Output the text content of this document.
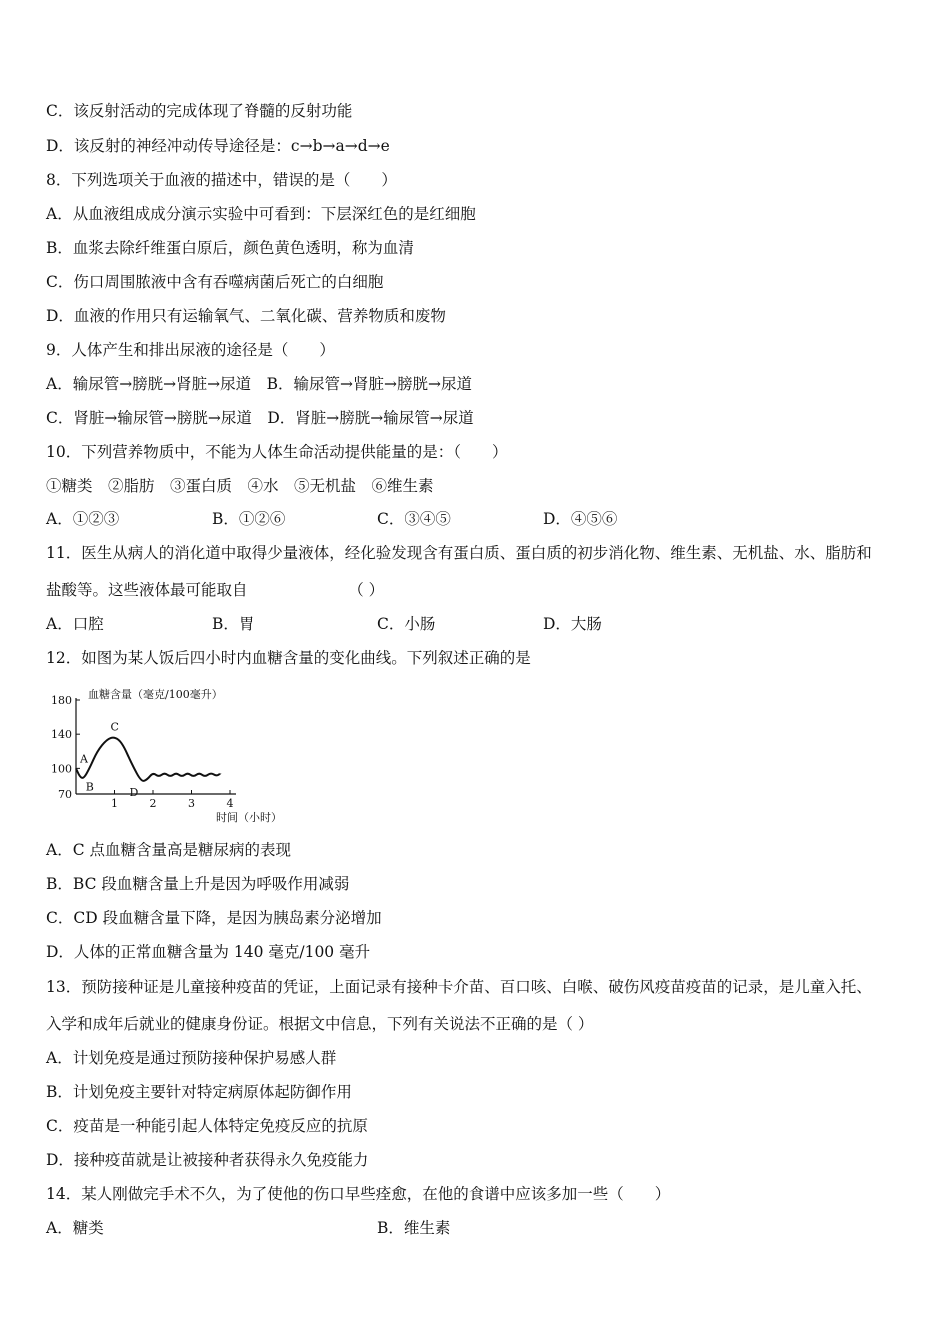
C．该反射活动的完成体现了脊髓的反射功能
D．该反射的神经冲动传导途径是：c→b→a→d→e
8．下列选项关于血液的描述中，错误的是（　　）
A．从血液组成成分演示实验中可看到：下层深红色的是红细胞
B．血浆去除纤维蛋白原后，颜色黄色透明，称为血清
C．伤口周围脓液中含有吞噬病菌后死亡的白细胞
D．血液的作用只有运输氧气、二氧化碳、营养物质和废物
9．人体产生和排出尿液的途径是（　　）
A．输尿管→膀胱→肾脏→尿道　B．输尿管→肾脏→膀胱→尿道
C．肾脏→输尿管→膀胱→尿道　D．肾脏→膀胱→输尿管→尿道
10．下列营养物质中，不能为人体生命活动提供能量的是：（　　）
①糖类　②脂肪　③蛋白质　④水　⑤无机盐　⑥维生素
A．①②③	B．①②⑥	C．③④⑤	D．④⑤⑥
11．医生从病人的消化道中取得少量液体，经化验发现含有蛋白质、蛋白质的初步消化物、维生素、无机盐、水、脂肪和
盐酸等。这些液体最可能取自　　　　　　　（ ）
A．口腔	B．胃	C．小肠	D．大肠
12．如图为某人饭后四小时内血糖含量的变化曲线。下列叙述正确的是
血糖含量（毫克/100毫升）
时间（小时）
70
100
140
180
1	2	3	4
A
B
C
D
A．C 点血糖含量高是糖尿病的表现
B．BC 段血糖含量上升是因为呼吸作用减弱
C．CD 段血糖含量下降，是因为胰岛素分泌增加
D．人体的正常血糖含量为 140 毫克/100 毫升
13．预防接种证是儿童接种疫苗的凭证，上面记录有接种卡介苗、百口咳、白喉、破伤风疫苗疫苗的记录，是儿童入托、
入学和成年后就业的健康身份证。根据文中信息，下列有关说法不正确的是（ ）
A．计划免疫是通过预防接种保护易感人群
B．计划免疫主要针对特定病原体起防御作用
C．疫苗是一种能引起人体特定免疫反应的抗原
D．接种疫苗就是让被接种者获得永久免疫能力
14．某人刚做完手术不久，为了使他的伤口早些痊愈，在他的食谱中应该多加一些（　　）
A．糖类	B．维生素
